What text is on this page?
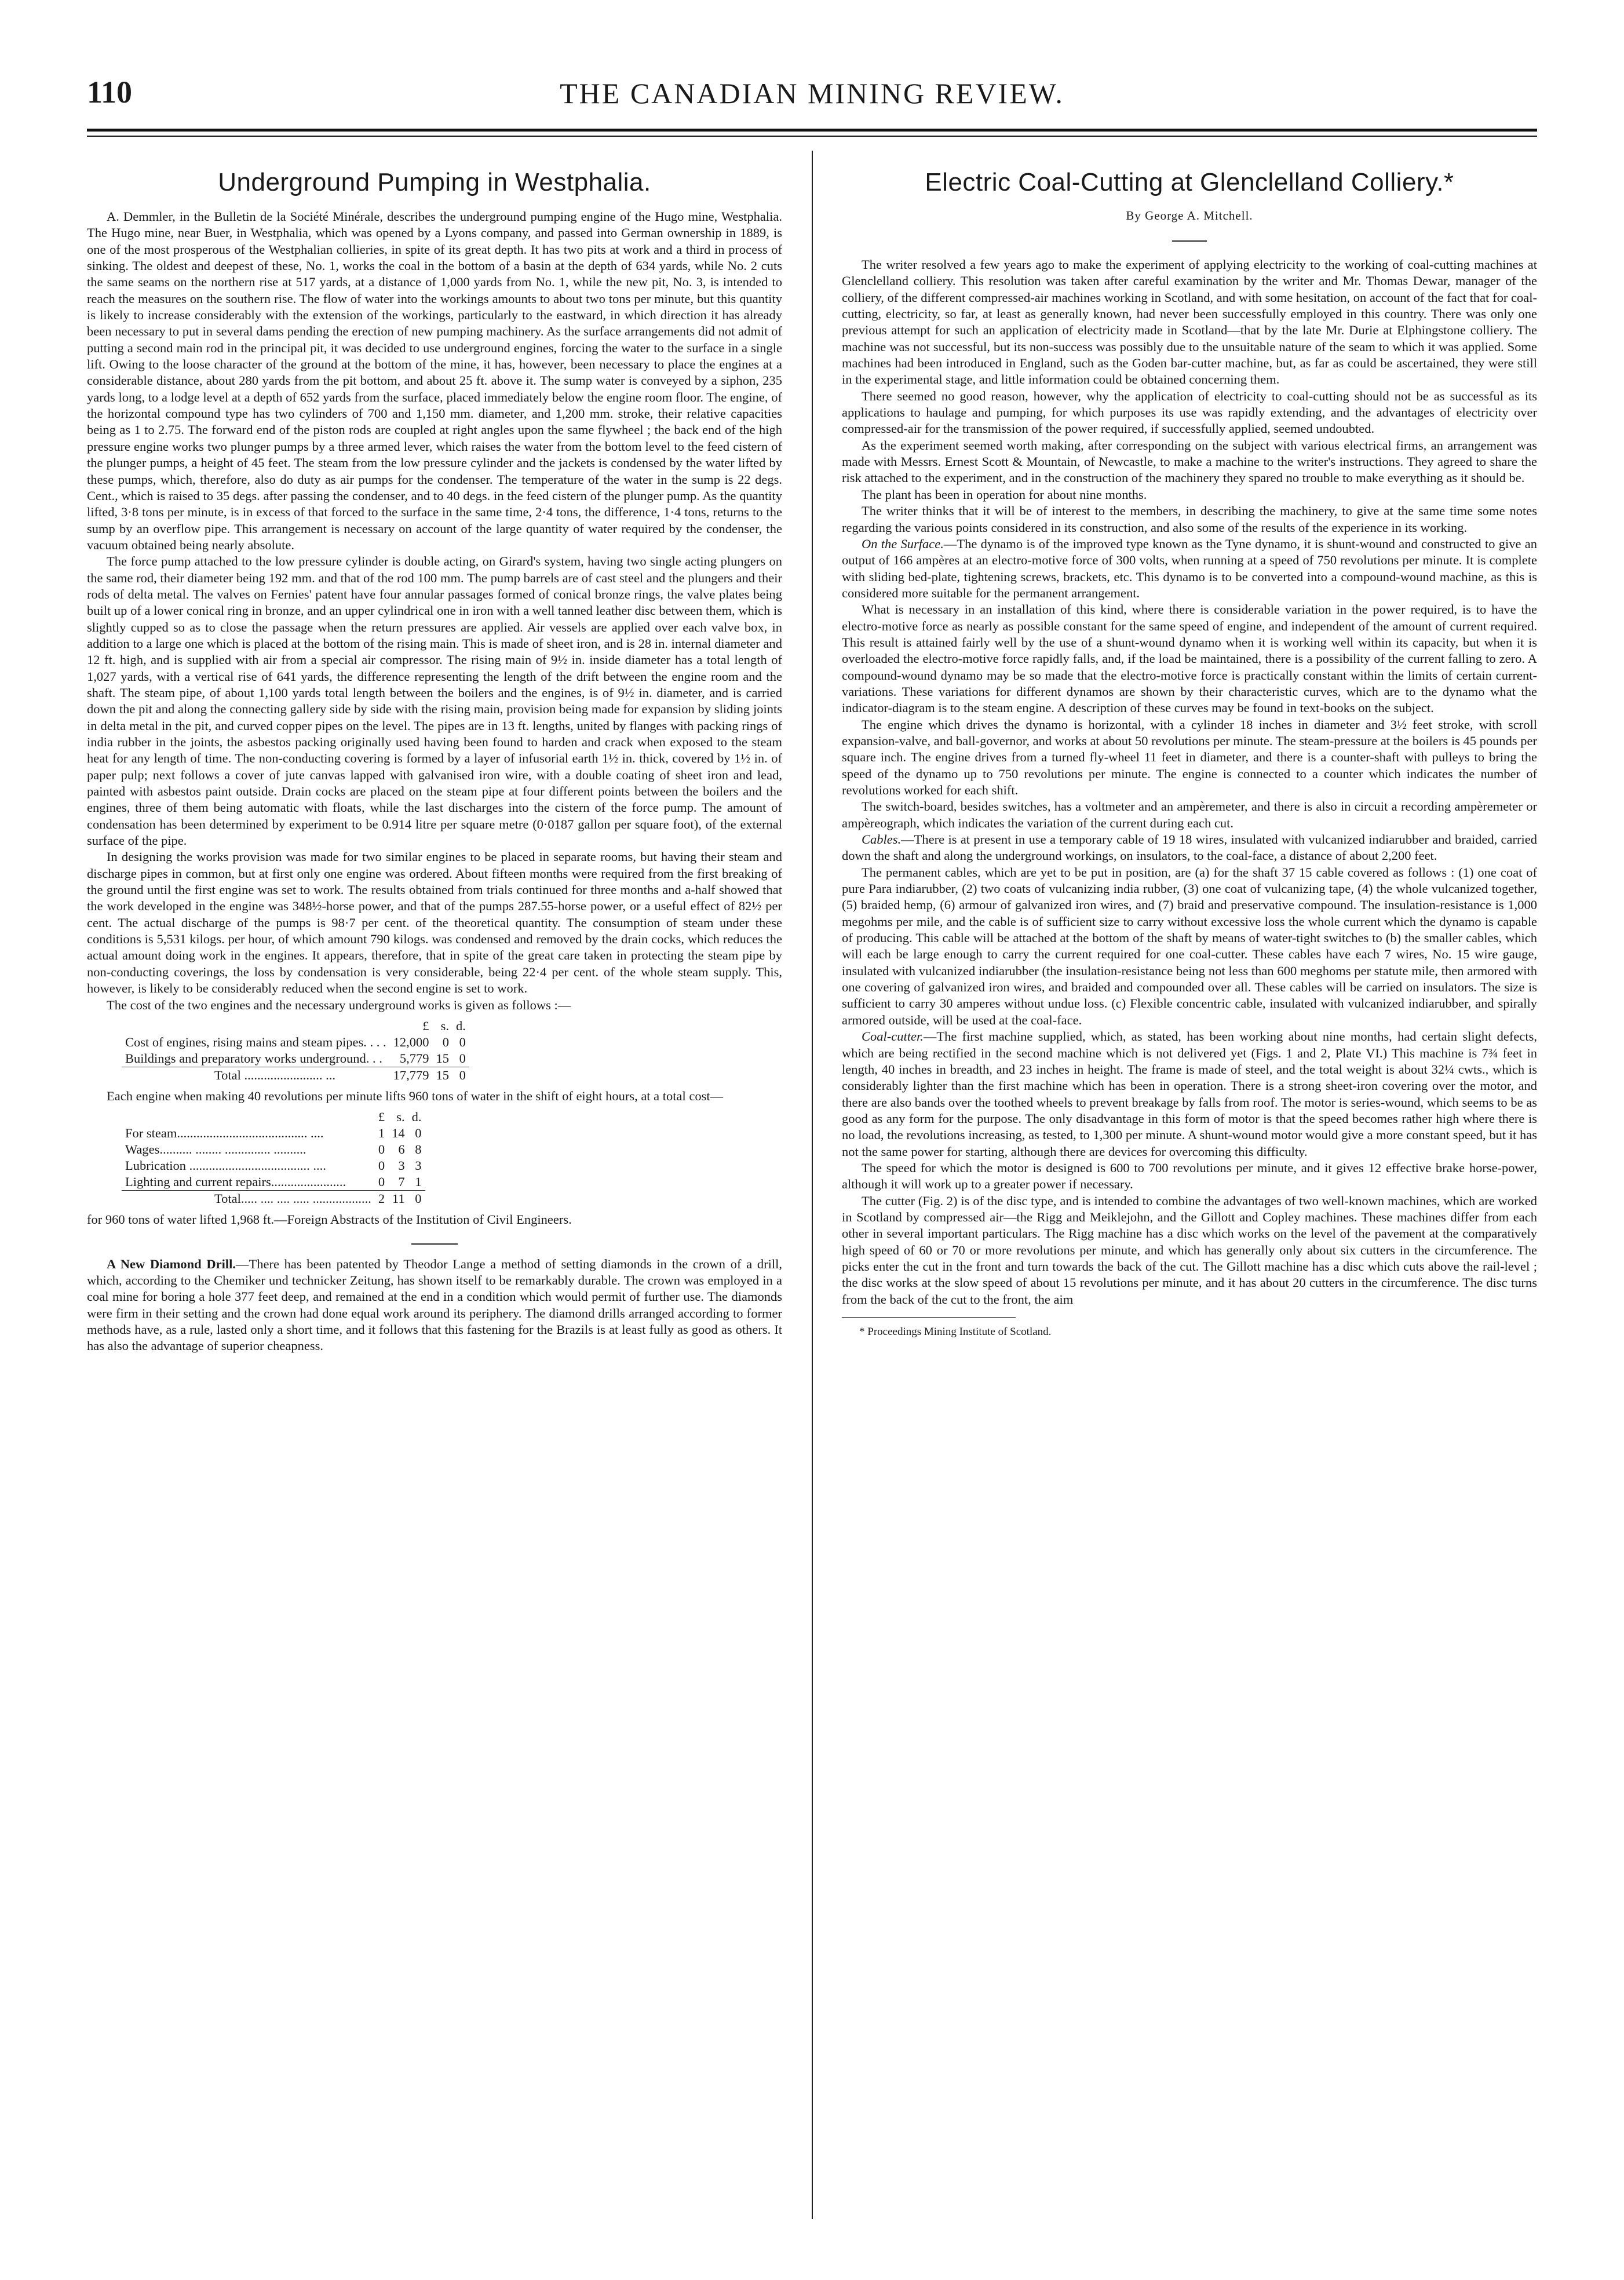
110	THE CANADIAN MINING REVIEW.
Underground Pumping in Westphalia.

A. Demmler, in the Bulletin de la Société Minérale, describes the underground pumping engine of the Hugo mine, Westphalia. The Hugo mine, near Buer, in Westphalia, which was opened by a Lyons company, and passed into German ownership in 1889, is one of the most prosperous of the Westphalian collieries, in spite of its great depth. It has two pits at work and a third in process of sinking. The oldest and deepest of these, No. 1, works the coal in the bottom of a basin at the depth of 634 yards, while No. 2 cuts the same seams on the northern rise at 517 yards, at a distance of 1,000 yards from No. 1, while the new pit, No. 3, is intended to reach the measures on the southern rise. The flow of water into the workings amounts to about two tons per minute, but this quantity is likely to increase considerably with the extension of the workings, particularly to the eastward, in which direction it has already been necessary to put in several dams pending the erection of new pumping machinery. As the surface arrangements did not admit of putting a second main rod in the principal pit, it was decided to use underground engines, forcing the water to the surface in a single lift. Owing to the loose character of the ground at the bottom of the mine, it has, however, been necessary to place the engines at a considerable distance, about 280 yards from the pit bottom, and about 25 ft. above it. The sump water is conveyed by a siphon, 235 yards long, to a lodge level at a depth of 652 yards from the surface, placed immediately below the engine room floor. The engine, of the horizontal compound type has two cylinders of 700 and 1,150 mm. diameter, and 1,200 mm. stroke, their relative capacities being as 1 to 2.75. The forward end of the piston rods are coupled at right angles upon the same flywheel ; the back end of the high pressure engine works two plunger pumps by a three armed lever, which raises the water from the bottom level to the feed cistern of the plunger pumps, a height of 45 feet. The steam from the low pressure cylinder and the jackets is condensed by the water lifted by these pumps, which, therefore, also do duty as air pumps for the condenser. The temperature of the water in the sump is 22 degs. Cent., which is raised to 35 degs. after passing the condenser, and to 40 degs. in the feed cistern of the plunger pump. As the quantity lifted, 3·8 tons per minute, is in excess of that forced to the surface in the same time, 2·4 tons, the difference, 1·4 tons, returns to the sump by an overflow pipe. This arrangement is necessary on account of the large quantity of water required by the condenser, the vacuum obtained being nearly absolute.

The force pump attached to the low pressure cylinder is double acting, on Girard's system, having two single acting plungers on the same rod, their diameter being 192 mm. and that of the rod 100 mm. The pump barrels are of cast steel and the plungers and their rods of delta metal. The valves on Fernies' patent have four annular passages formed of conical bronze rings, the valve plates being built up of a lower conical ring in bronze, and an upper cylindrical one in iron with a well tanned leather disc between them, which is slightly cupped so as to close the passage when the return pressures are applied. Air vessels are applied over each valve box, in addition to a large one which is placed at the bottom of the rising main. This is made of sheet iron, and is 28 in. internal diameter and 12 ft. high, and is supplied with air from a special air compressor. The rising main of 9½ in. inside diameter has a total length of 1,027 yards, with a vertical rise of 641 yards, the difference representing the length of the drift between the engine room and the shaft. The steam pipe, of about 1,100 yards total length between the boilers and the engines, is of 9½ in. diameter, and is carried down the pit and along the connecting gallery side by side with the rising main, provision being made for expansion by sliding joints in delta metal in the pit, and curved copper pipes on the level. The pipes are in 13 ft. lengths, united by flanges with packing rings of india rubber in the joints, the asbestos packing originally used having been found to harden and crack when exposed to the steam heat for any length of time. The non-conducting covering is formed by a layer of infusorial earth 1½ in. thick, covered by 1½ in. of paper pulp; next follows a cover of jute canvas lapped with galvanised iron wire, with a double coating of sheet iron and lead, painted with asbestos paint outside. Drain cocks are placed on the steam pipe at four different points between the boilers and the engines, three of them being automatic with floats, while the last discharges into the cistern of the force pump. The amount of condensation has been determined by experiment to be 0.914 litre per square metre (0·0187 gallon per square foot), of the external surface of the pipe.

In designing the works provision was made for two similar engines to be placed in separate rooms, but having their steam and discharge pipes in common, but at first only one engine was ordered. About fifteen months were required from the first breaking of the ground until the first engine was set to work. The results obtained from trials continued for three months and a-half showed that the work developed in the engine was 348½-horse power, and that of the pumps 287.55-horse power, or a useful effect of 82½ per cent. The actual discharge of the pumps is 98·7 per cent. of the theoretical quantity. The consumption of steam under these conditions is 5,531 kilogs. per hour, of which amount 790 kilogs. was condensed and removed by the drain cocks, which reduces the actual amount doing work in the engines. It appears, therefore, that in spite of the great care taken in protecting the steam pipe by non-conducting coverings, the loss by condensation is very considerable, being 22·4 per cent. of the whole steam supply. This, however, is likely to be considerably reduced when the second engine is set to work.

The cost of the two engines and the necessary underground works is given as follows :—

	£	s.	d.
Cost of engines, rising mains and steam pipes. . . .	12,000	0	0
Buildings and preparatory works underground. . .	5,779	15	0
Total ........................ ...	17,779	15	0

Each engine when making 40 revolutions per minute lifts 960 tons of water in the shift of eight hours, at a total cost—

	£	s.	d.
For steam........................................ ....	1	14	0
Wages.......... ........ .............. ..........	0	6	8
Lubrication ..................................... ....	0	3	3
Lighting and current repairs.......................	0	7	1
Total..... .... .... ..... ..................	2	11	0

for 960 tons of water lifted 1,968 ft.—Foreign Abstracts of the Institution of Civil Engineers.

A New Diamond Drill.—There has been patented by Theodor Lange a method of setting diamonds in the crown of a drill, which, according to the Chemiker und technicker Zeitung, has shown itself to be remarkably durable. The crown was employed in a coal mine for boring a hole 377 feet deep, and remained at the end in a condition which would permit of further use. The diamonds were firm in their setting and the crown had done equal work around its periphery. The diamond drills arranged according to former methods have, as a rule, lasted only a short time, and it follows that this fastening for the Brazils is at least fully as good as others. It has also the advantage of superior cheapness.

Electric Coal-Cutting at Glenclelland Colliery.*
By George A. Mitchell.

The writer resolved a few years ago to make the experiment of applying electricity to the working of coal-cutting machines at Glenclelland colliery. This resolution was taken after careful examination by the writer and Mr. Thomas Dewar, manager of the colliery, of the different compressed-air machines working in Scotland, and with some hesitation, on account of the fact that for coal-cutting, electricity, so far, at least as generally known, had never been successfully employed in this country. There was only one previous attempt for such an application of electricity made in Scotland—that by the late Mr. Durie at Elphingstone colliery. The machine was not successful, but its non-success was possibly due to the unsuitable nature of the seam to which it was applied. Some machines had been introduced in England, such as the Goden bar-cutter machine, but, as far as could be ascertained, they were still in the experimental stage, and little information could be obtained concerning them.

There seemed no good reason, however, why the application of electricity to coal-cutting should not be as successful as its applications to haulage and pumping, for which purposes its use was rapidly extending, and the advantages of electricity over compressed-air for the transmission of the power required, if successfully applied, seemed undoubted.

As the experiment seemed worth making, after corresponding on the subject with various electrical firms, an arrangement was made with Messrs. Ernest Scott & Mountain, of Newcastle, to make a machine to the writer's instructions. They agreed to share the risk attached to the experiment, and in the construction of the machinery they spared no trouble to make everything as it should be.

The plant has been in operation for about nine months.

The writer thinks that it will be of interest to the members, in describing the machinery, to give at the same time some notes regarding the various points considered in its construction, and also some of the results of the experience in its working.

On the Surface.—The dynamo is of the improved type known as the Tyne dynamo, it is shunt-wound and constructed to give an output of 166 ampères at an electro-motive force of 300 volts, when running at a speed of 750 revolutions per minute. It is complete with sliding bed-plate, tightening screws, brackets, etc. This dynamo is to be converted into a compound-wound machine, as this is considered more suitable for the permanent arrangement.

What is necessary in an installation of this kind, where there is considerable variation in the power required, is to have the electro-motive force as nearly as possible constant for the same speed of engine, and independent of the amount of current required. This result is attained fairly well by the use of a shunt-wound dynamo when it is working well within its capacity, but when it is overloaded the electro-motive force rapidly falls, and, if the load be maintained, there is a possibility of the current falling to zero. A compound-wound dynamo may be so made that the electro-motive force is practically constant within the limits of certain current-variations. These variations for different dynamos are shown by their characteristic curves, which are to the dynamo what the indicator-diagram is to the steam engine. A description of these curves may be found in text-books on the subject.

The engine which drives the dynamo is horizontal, with a cylinder 18 inches in diameter and 3½ feet stroke, with scroll expansion-valve, and ball-governor, and works at about 50 revolutions per minute. The steam-pressure at the boilers is 45 pounds per square inch. The engine drives from a turned fly-wheel 11 feet in diameter, and there is a counter-shaft with pulleys to bring the speed of the dynamo up to 750 revolutions per minute. The engine is connected to a counter which indicates the number of revolutions worked for each shift.

The switch-board, besides switches, has a voltmeter and an ampèremeter, and there is also in circuit a recording ampèremeter or ampèreograph, which indicates the variation of the current during each cut.

Cables.—There is at present in use a temporary cable of 19 18 wires, insulated with vulcanized indiarubber and braided, carried down the shaft and along the underground workings, on insulators, to the coal-face, a distance of about 2,200 feet.

The permanent cables, which are yet to be put in position, are (a) for the shaft 37 15 cable covered as follows : (1) one coat of pure Para indiarubber, (2) two coats of vulcanizing india rubber, (3) one coat of vulcanizing tape, (4) the whole vulcanized together, (5) braided hemp, (6) armour of galvanized iron wires, and (7) braid and preservative compound. The insulation-resistance is 1,000 megohms per mile, and the cable is of sufficient size to carry without excessive loss the whole current which the dynamo is capable of producing. This cable will be attached at the bottom of the shaft by means of water-tight switches to (b) the smaller cables, which will each be large enough to carry the current required for one coal-cutter. These cables have each 7 wires, No. 15 wire gauge, insulated with vulcanized indiarubber (the insulation-resistance being not less than 600 meghoms per statute mile, then armored with one covering of galvanized iron wires, and braided and compounded over all. These cables will be carried on insulators. The size is sufficient to carry 30 amperes without undue loss. (c) Flexible concentric cable, insulated with vulcanized indiarubber, and spirally armored outside, will be used at the coal-face.

Coal-cutter.—The first machine supplied, which, as stated, has been working about nine months, had certain slight defects, which are being rectified in the second machine which is not delivered yet (Figs. 1 and 2, Plate VI.) This machine is 7¾ feet in length, 40 inches in breadth, and 23 inches in height. The frame is made of steel, and the total weight is about 32¼ cwts., which is considerably lighter than the first machine which has been in operation. There is a strong sheet-iron covering over the motor, and there are also bands over the toothed wheels to prevent breakage by falls from roof. The motor is series-wound, which seems to be as good as any form for the purpose. The only disadvantage in this form of motor is that the speed becomes rather high where there is no load, the revolutions increasing, as tested, to 1,300 per minute. A shunt-wound motor would give a more constant speed, but it has not the same power for starting, although there are devices for overcoming this difficulty.

The speed for which the motor is designed is 600 to 700 revolutions per minute, and it gives 12 effective brake horse-power, although it will work up to a greater power if necessary.

The cutter (Fig. 2) is of the disc type, and is intended to combine the advantages of two well-known machines, which are worked in Scotland by compressed air—the Rigg and Meiklejohn, and the Gillott and Copley machines. These machines differ from each other in several important particulars. The Rigg machine has a disc which works on the level of the pavement at the comparatively high speed of 60 or 70 or more revolutions per minute, and which has generally only about six cutters in the circumference. The picks enter the cut in the front and turn towards the back of the cut. The Gillott machine has a disc which cuts above the rail-level ; the disc works at the slow speed of about 15 revolutions per minute, and it has about 20 cutters in the circumference. The disc turns from the back of the cut to the front, the aim

* Proceedings Mining Institute of Scotland.
